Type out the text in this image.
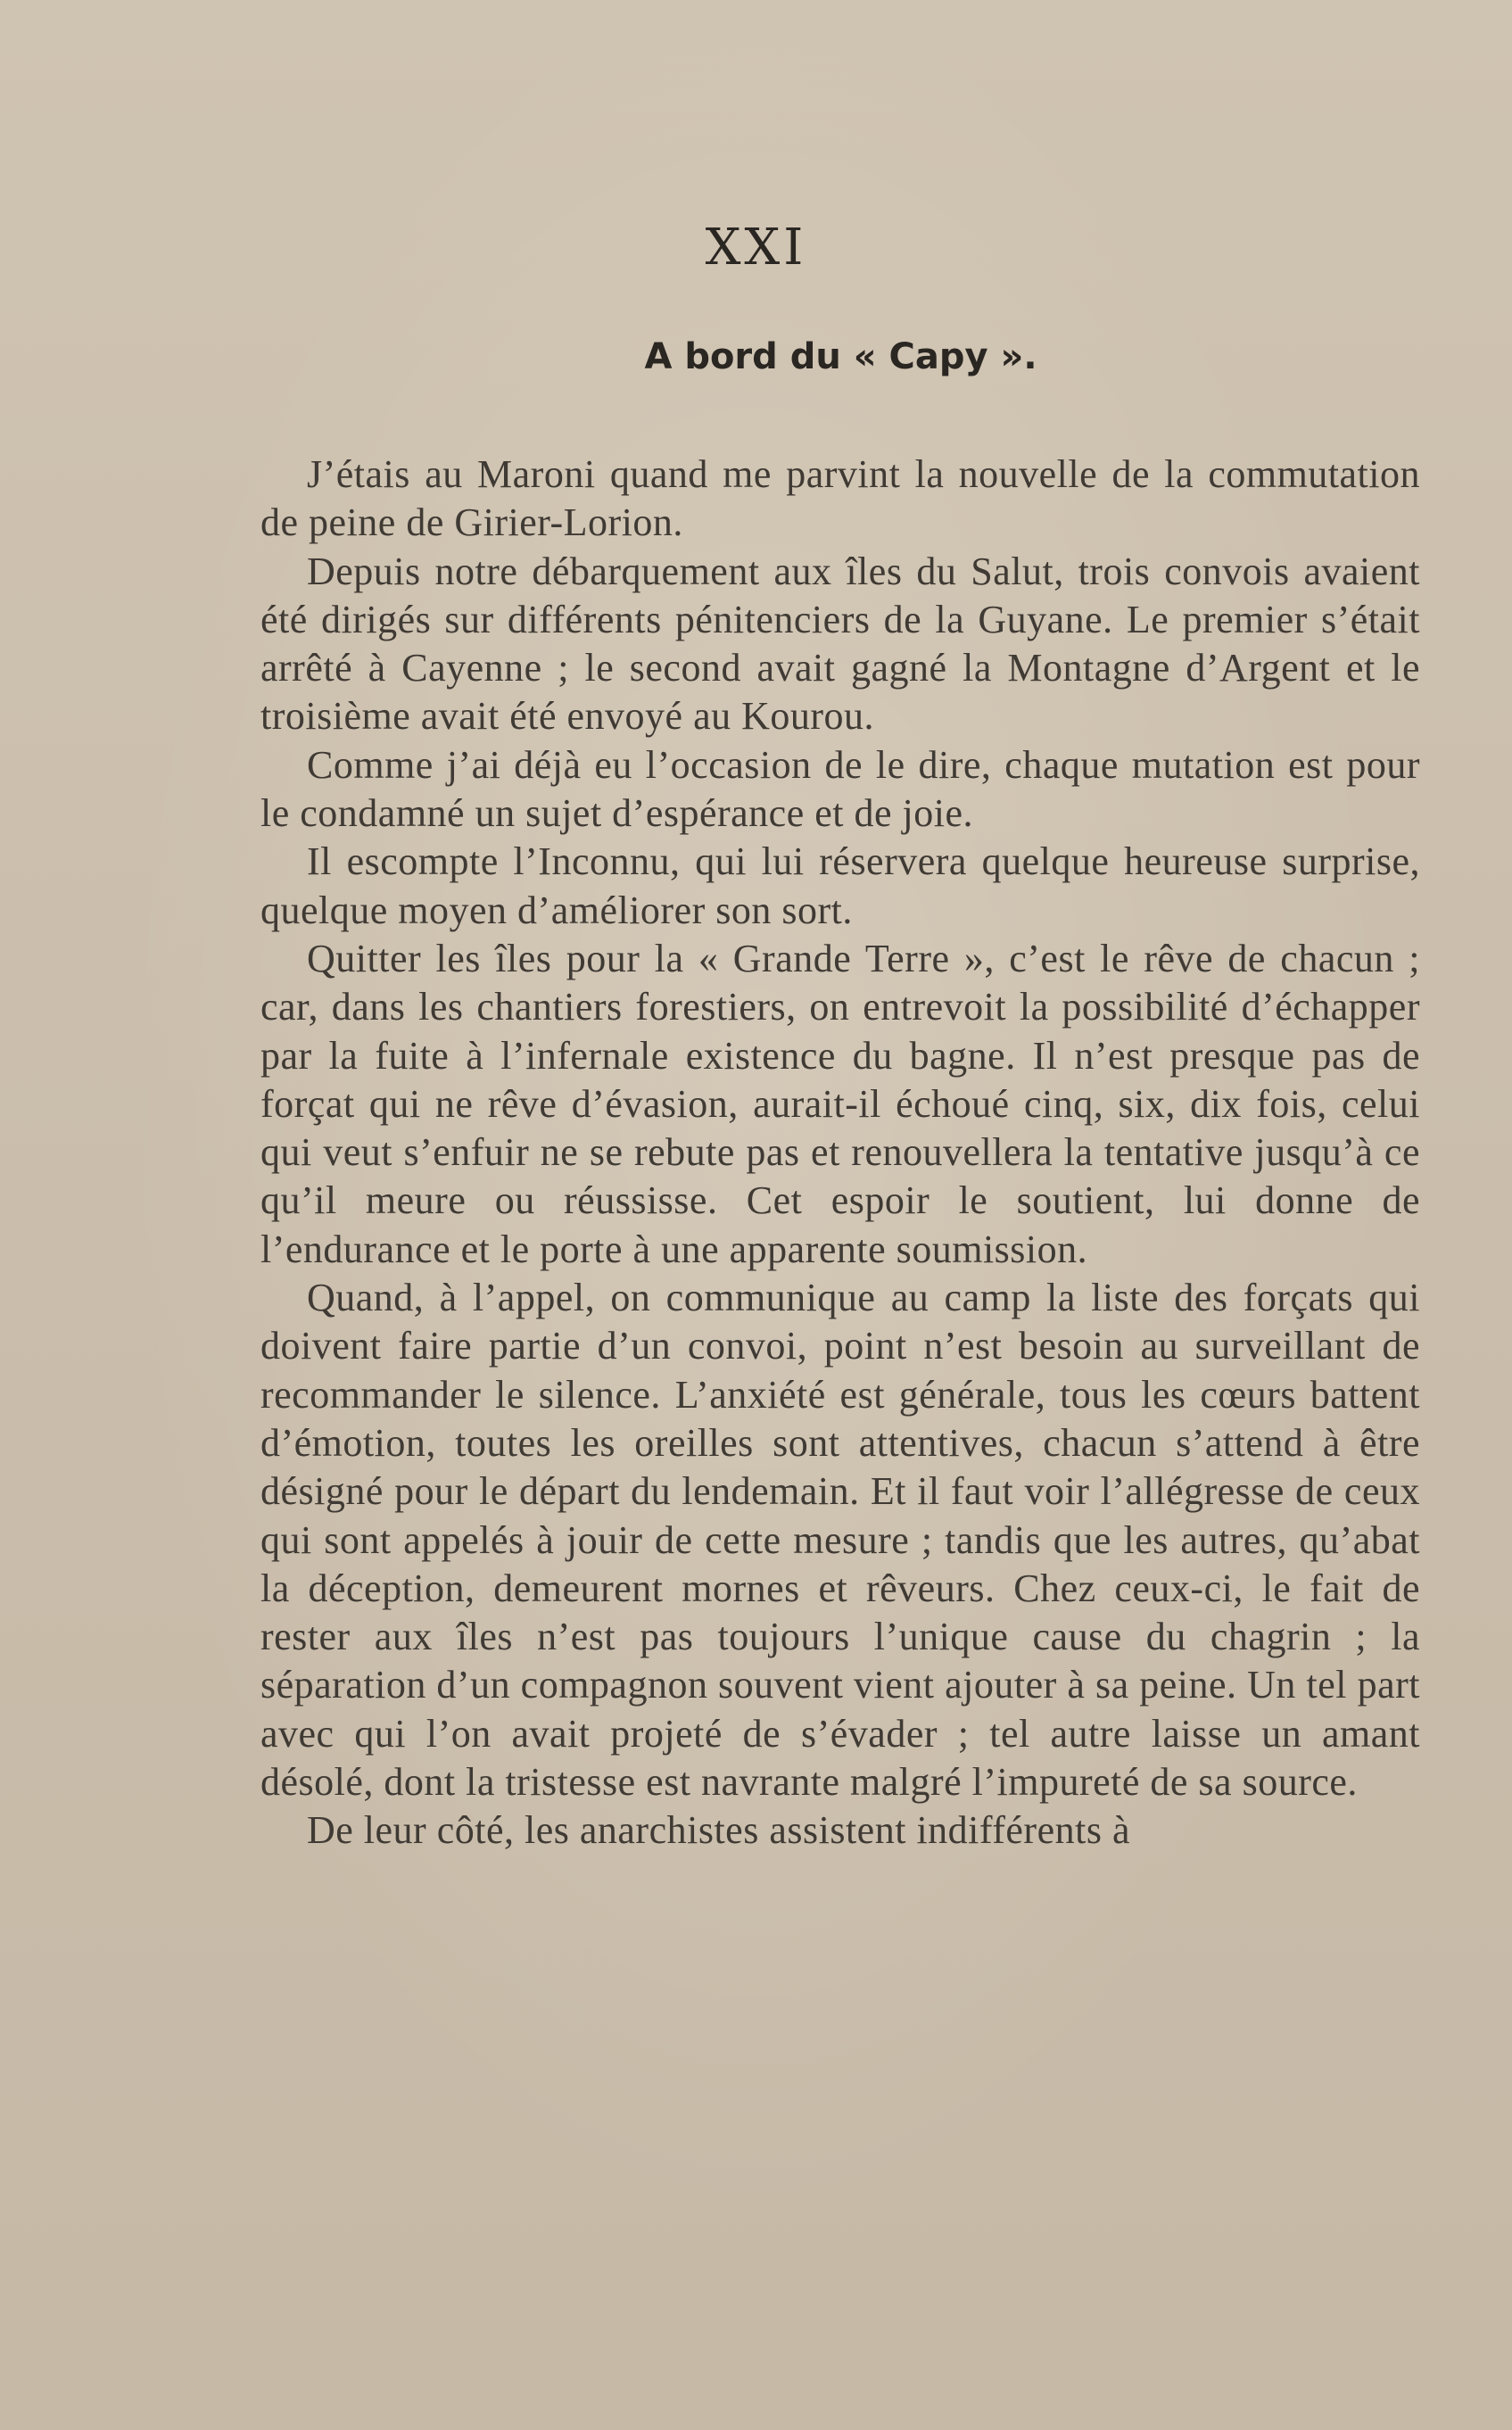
XXI
A bord du « Capy ».

J’étais au Maroni quand me parvint la nouvelle de la commutation de peine de Girier-Lorion.

Depuis notre débarquement aux îles du Salut, trois convois avaient été dirigés sur différents pénitenciers de la Guyane. Le premier s’était arrêté à Cayenne ; le second avait gagné la Montagne d’Argent et le troisième avait été envoyé au Kourou.

Comme j’ai déjà eu l’occasion de le dire, chaque mutation est pour le condamné un sujet d’espérance et de joie.

Il escompte l’Inconnu, qui lui réservera quelque heureuse surprise, quelque moyen d’améliorer son sort.

Quitter les îles pour la « Grande Terre », c’est le rêve de chacun ; car, dans les chantiers forestiers, on entrevoit la possibilité d’échapper par la fuite à l’infernale existence du bagne. Il n’est presque pas de forçat qui ne rêve d’évasion, aurait-il échoué cinq, six, dix fois, celui qui veut s’enfuir ne se rebute pas et renouvellera la tentative jusqu’à ce qu’il meure ou réussisse. Cet espoir le soutient, lui donne de l’endurance et le porte à une apparente soumission.

Quand, à l’appel, on communique au camp la liste des forçats qui doivent faire partie d’un convoi, point n’est besoin au surveillant de recommander le silence. L’anxiété est générale, tous les cœurs battent d’émotion, toutes les oreilles sont attentives, chacun s’attend à être désigné pour le départ du lendemain. Et il faut voir l’allégresse de ceux qui sont appelés à jouir de cette mesure ; tandis que les autres, qu’abat la déception, demeurent mornes et rêveurs. Chez ceux-ci, le fait de rester aux îles n’est pas toujours l’unique cause du chagrin ; la séparation d’un compagnon souvent vient ajouter à sa peine. Un tel part avec qui l’on avait projeté de s’évader ; tel autre laisse un amant désolé, dont la tristesse est navrante malgré l’impureté de sa source.

De leur côté, les anarchistes assistent indifférents à
